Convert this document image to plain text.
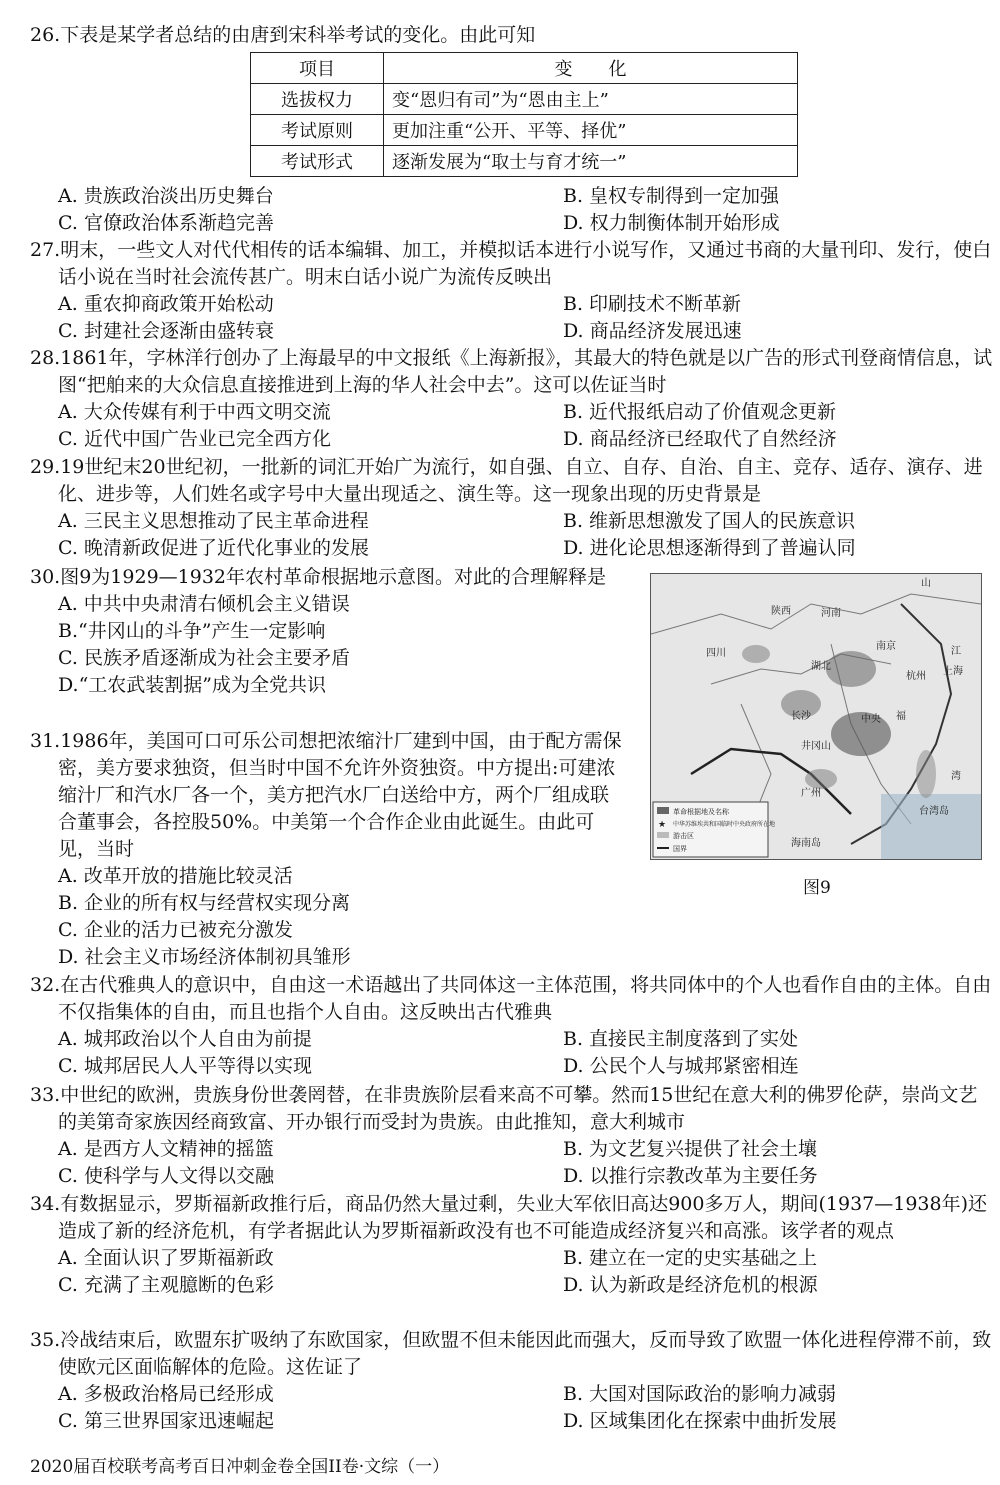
26.下表是某学者总结的由唐到宋科举考试的变化。由此可知

项目	变　　化
选拔权力	变“恩归有司”为“恩由主上”
考试原则	更加注重“公开、平等、择优”
考试形式	逐渐发展为“取士与育才统一”
A. 贵族政治淡出历史舞台	B. 皇权专制得到一定加强
C. 官僚政治体系渐趋完善	D. 权力制衡体制开始形成

27.明末，一些文人对代代相传的话本编辑、加工，并模拟话本进行小说写作，又通过书商的大量刊印、发行，使白话小说在当时社会流传甚广。明末白话小说广为流传反映出

A. 重农抑商政策开始松动	B. 印刷技术不断革新
C. 封建社会逐渐由盛转衰	D. 商品经济发展迅速

28.1861年，字林洋行创办了上海最早的中文报纸《上海新报》，其最大的特色就是以广告的形式刊登商情信息，试图“把舶来的大众信息直接推进到上海的华人社会中去”。这可以佐证当时

A. 大众传媒有利于中西文明交流	B. 近代报纸启动了价值观念更新
C. 近代中国广告业已完全西方化	D. 商品经济已经取代了自然经济

29.19世纪末20世纪初，一批新的词汇开始广为流行，如自强、自立、自存、自治、自主、竞存、适存、演存、进化、进步等，人们姓名或字号中大量出现适之、演生等。这一现象出现的历史背景是

A. 三民主义思想推动了民主革命进程	B. 维新思想激发了国人的民族意识
C. 晚清新政促进了近代化事业的发展	D. 进化论思想逐渐得到了普遍认同

30.图9为1929—1932年农村革命根据地示意图。对此的合理解释是

A. 中共中央肃清右倾机会主义错误
B.“井冈山的斗争”产生一定影响
C. 民族矛盾逐渐成为社会主要矛盾
D.“工农武装割据”成为全党共识

31.1986年，美国可口可乐公司想把浓缩汁厂建到中国，由于配方需保密，美方要求独资，但当时中国不允许外资独资。中方提出:可建浓缩汁厂和汽水厂各一个，美方把汽水厂白送给中方，两个厂组成联合董事会，各控股50%。中美第一个合作企业由此诞生。由此可见，当时

A. 改革开放的措施比较灵活
B. 企业的所有权与经营权实现分离
C. 企业的活力已被充分激发
D. 社会主义市场经济体制初具雏形
山
陕西	河南
四川
湖北
南京	江
长沙	中央
井冈山
福
广州
海南岛
台湾岛
湾
杭州 上海
革命根据地及名称
★ 中华苏维埃共和国临时中央政府所在地
游击区
国界
图9

32.在古代雅典人的意识中，自由这一术语越出了共同体这一主体范围，将共同体中的个人也看作自由的主体。自由不仅指集体的自由，而且也指个人自由。这反映出古代雅典

A. 城邦政治以个人自由为前提	B. 直接民主制度落到了实处
C. 城邦居民人人平等得以实现	D. 公民个人与城邦紧密相连

33.中世纪的欧洲，贵族身份世袭罔替，在非贵族阶层看来高不可攀。然而15世纪在意大利的佛罗伦萨，崇尚文艺的美第奇家族因经商致富、开办银行而受封为贵族。由此推知，意大利城市

A. 是西方人文精神的摇篮	B. 为文艺复兴提供了社会土壤
C. 使科学与人文得以交融	D. 以推行宗教改革为主要任务

34.有数据显示，罗斯福新政推行后，商品仍然大量过剩，失业大军依旧高达900多万人，期间(1937—1938年)还造成了新的经济危机，有学者据此认为罗斯福新政没有也不可能造成经济复兴和高涨。该学者的观点

A. 全面认识了罗斯福新政	B. 建立在一定的史实基础之上
C. 充满了主观臆断的色彩	D. 认为新政是经济危机的根源

35.冷战结束后，欧盟东扩吸纳了东欧国家，但欧盟不但未能因此而强大，反而导致了欧盟一体化进程停滞不前，致使欧元区面临解体的危险。这佐证了

A. 多极政治格局已经形成	B. 大国对国际政治的影响力减弱
C. 第三世界国家迅速崛起	D. 区域集团化在探索中曲折发展
2020届百校联考高考百日冲刺金卷全国II卷·文综（一）
